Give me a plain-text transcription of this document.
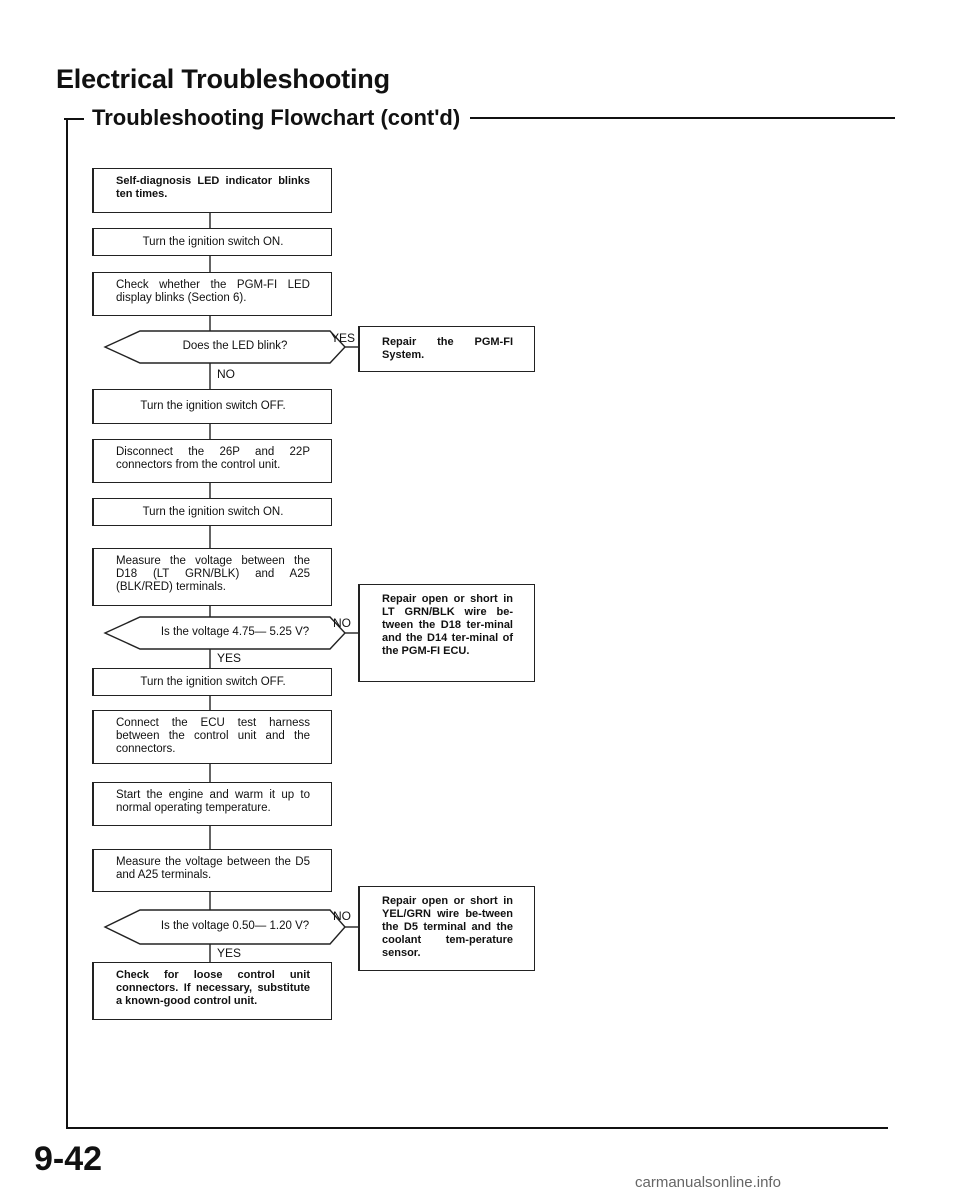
Electrical Troubleshooting
Troubleshooting Flowchart (cont'd)
Does the LED blink?
Is the voltage 4.75— 5.25 V?
Is the voltage 0.50— 1.20 V?
YES
NO
NO
YES
NO
YES
Self-diagnosis LED indicator blinks ten times.
Turn the ignition switch ON.
Check whether the PGM-FI LED display blinks (Section 6).
Turn the ignition switch OFF.
Disconnect the 26P and 22P connectors from the control unit.
Turn the ignition switch ON.
Measure the voltage between the D18 (LT GRN/BLK) and A25 (BLK/RED) terminals.
Turn the ignition switch OFF.
Connect the ECU test harness between the control unit and the connectors.
Start the engine and warm it up to normal operating temperature.
Measure the voltage between the D5 and A25 terminals.
Check for loose control unit connectors. If necessary, substitute a known-good control unit.
Repair the PGM-FI System.
Repair open or short in LT GRN/BLK wire be-tween the D18 ter-minal and the D14 ter-minal of the PGM-FI ECU.
Repair open or short in YEL/GRN wire be-tween the D5 terminal and the coolant tem-perature sensor.
9-42
carmanualsonline.info
